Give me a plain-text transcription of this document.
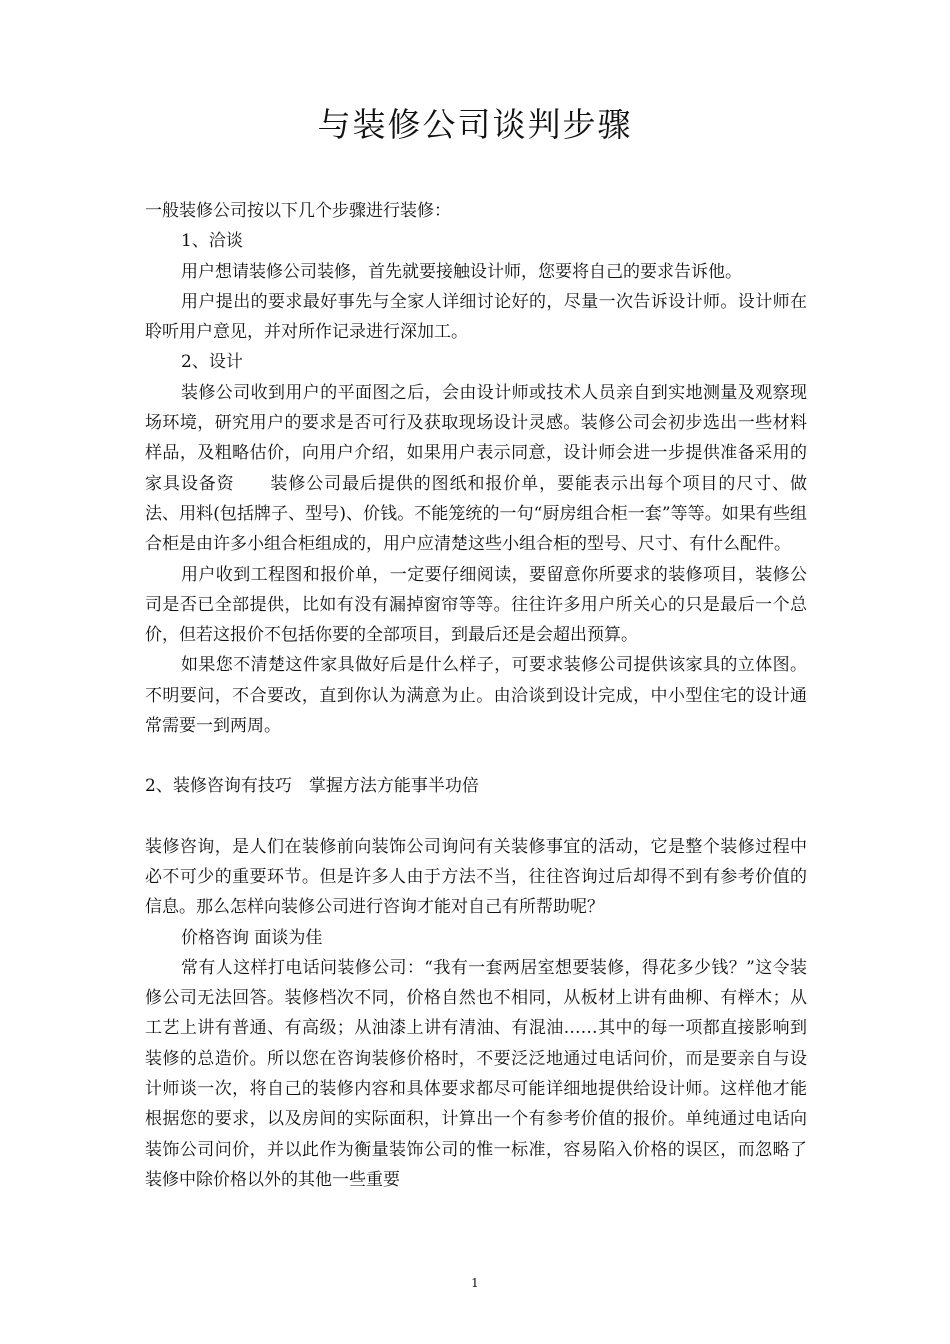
与装修公司谈判步骤

一般装修公司按以下几个步骤进行装修：

1、洽谈

用户想请装修公司装修，首先就要接触设计师，您要将自己的要求告诉他。

用户提出的要求最好事先与全家人详细讨论好的，尽量一次告诉设计师。设计师在聆听用户意见，并对所作记录进行深加工。

2、设计

装修公司收到用户的平面图之后，会由设计师或技术人员亲自到实地测量及观察现场环境，研究用户的要求是否可行及获取现场设计灵感。装修公司会初步选出一些材料样品，及粗略估价，向用户介绍，如果用户表示同意，设计师会进一步提供准备采用的家具设备资　　装修公司最后提供的图纸和报价单，要能表示出每个项目的尺寸、做法、用料(包括牌子、型号)、价钱。不能笼统的一句“厨房组合柜一套”等等。如果有些组合柜是由许多小组合柜组成的，用户应清楚这些小组合柜的型号、尺寸、有什么配件。

用户收到工程图和报价单，一定要仔细阅读，要留意你所要求的装修项目，装修公司是否已全部提供，比如有没有漏掉窗帘等等。往往许多用户所关心的只是最后一个总价，但若这报价不包括你要的全部项目，到最后还是会超出预算。

如果您不清楚这件家具做好后是什么样子，可要求装修公司提供该家具的立体图。不明要问，不合要改，直到你认为满意为止。由洽谈到设计完成，中小型住宅的设计通常需要一到两周。

2、装修咨询有技巧　掌握方法方能事半功倍

装修咨询，是人们在装修前向装饰公司询问有关装修事宜的活动，它是整个装修过程中必不可少的重要环节。但是许多人由于方法不当，往往咨询过后却得不到有参考价值的信息。那么怎样向装修公司进行咨询才能对自己有所帮助呢？

价格咨询 面谈为佳

常有人这样打电话问装修公司：“我有一套两居室想要装修，得花多少钱？”这令装修公司无法回答。装修档次不同，价格自然也不相同，从板材上讲有曲柳、有榉木；从工艺上讲有普通、有高级；从油漆上讲有清油、有混油……其中的每一项都直接影响到装修的总造价。所以您在咨询装修价格时，不要泛泛地通过电话问价，而是要亲自与设计师谈一次，将自己的装修内容和具体要求都尽可能详细地提供给设计师。这样他才能根据您的要求，以及房间的实际面积，计算出一个有参考价值的报价。单纯通过电话向装饰公司问价，并以此作为衡量装饰公司的惟一标准，容易陷入价格的误区，而忽略了装修中除价格以外的其他一些重要

1
